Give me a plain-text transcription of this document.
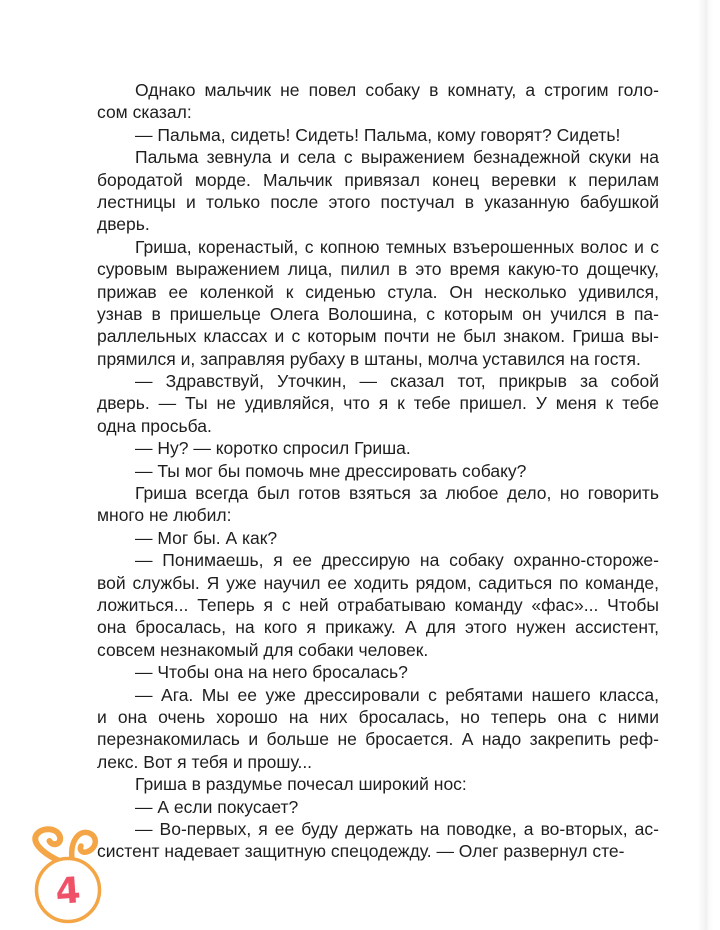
Однако мальчик не повел собаку в комнату, а строгим голо-
сом сказал:
— Пальма, сидеть! Сидеть! Пальма, кому говорят? Сидеть!
Пальма зевнула и села с выражением безнадежной скуки на
бородатой морде. Мальчик привязал конец веревки к перилам
лестницы и только после этого постучал в указанную бабушкой
дверь.
Гриша, коренастый, с копною темных взъерошенных волос и с
суровым выражением лица, пилил в это время какую-то дощечку,
прижав ее коленкой к сиденью стула. Он несколько удивился,
узнав в пришельце Олега Волошина, с которым он учился в па-
раллельных классах и с которым почти не был знаком. Гриша вы-
прямился и, заправляя рубаху в штаны, молча уставился на гостя.
— Здравствуй, Уточкин, — сказал тот, прикрыв за собой
дверь. — Ты не удивляйся, что я к тебе пришел. У меня к тебе
одна просьба.
— Ну? — коротко спросил Гриша.
— Ты мог бы помочь мне дрессировать собаку?
Гриша всегда был готов взяться за любое дело, но говорить
много не любил:
— Мог бы. А как?
— Понимаешь, я ее дрессирую на собаку охранно-стороже-
вой службы. Я уже научил ее ходить рядом, садиться по команде,
ложиться... Теперь я с ней отрабатываю команду «фас»... Чтобы
она бросалась, на кого я прикажу. А для этого нужен ассистент,
совсем незнакомый для собаки человек.
— Чтобы она на него бросалась?
— Ага. Мы ее уже дрессировали с ребятами нашего класса,
и она очень хорошо на них бросалась, но теперь она с ними
перезнакомилась и больше не бросается. А надо закрепить реф-
лекс. Вот я тебя и прошу...
Гриша в раздумье почесал широкий нос:
— А если покусает?
— Во-первых, я ее буду держать на поводке, а во-вторых, ас-
систент надевает защитную спецодежду. — Олег развернул сте-
4
